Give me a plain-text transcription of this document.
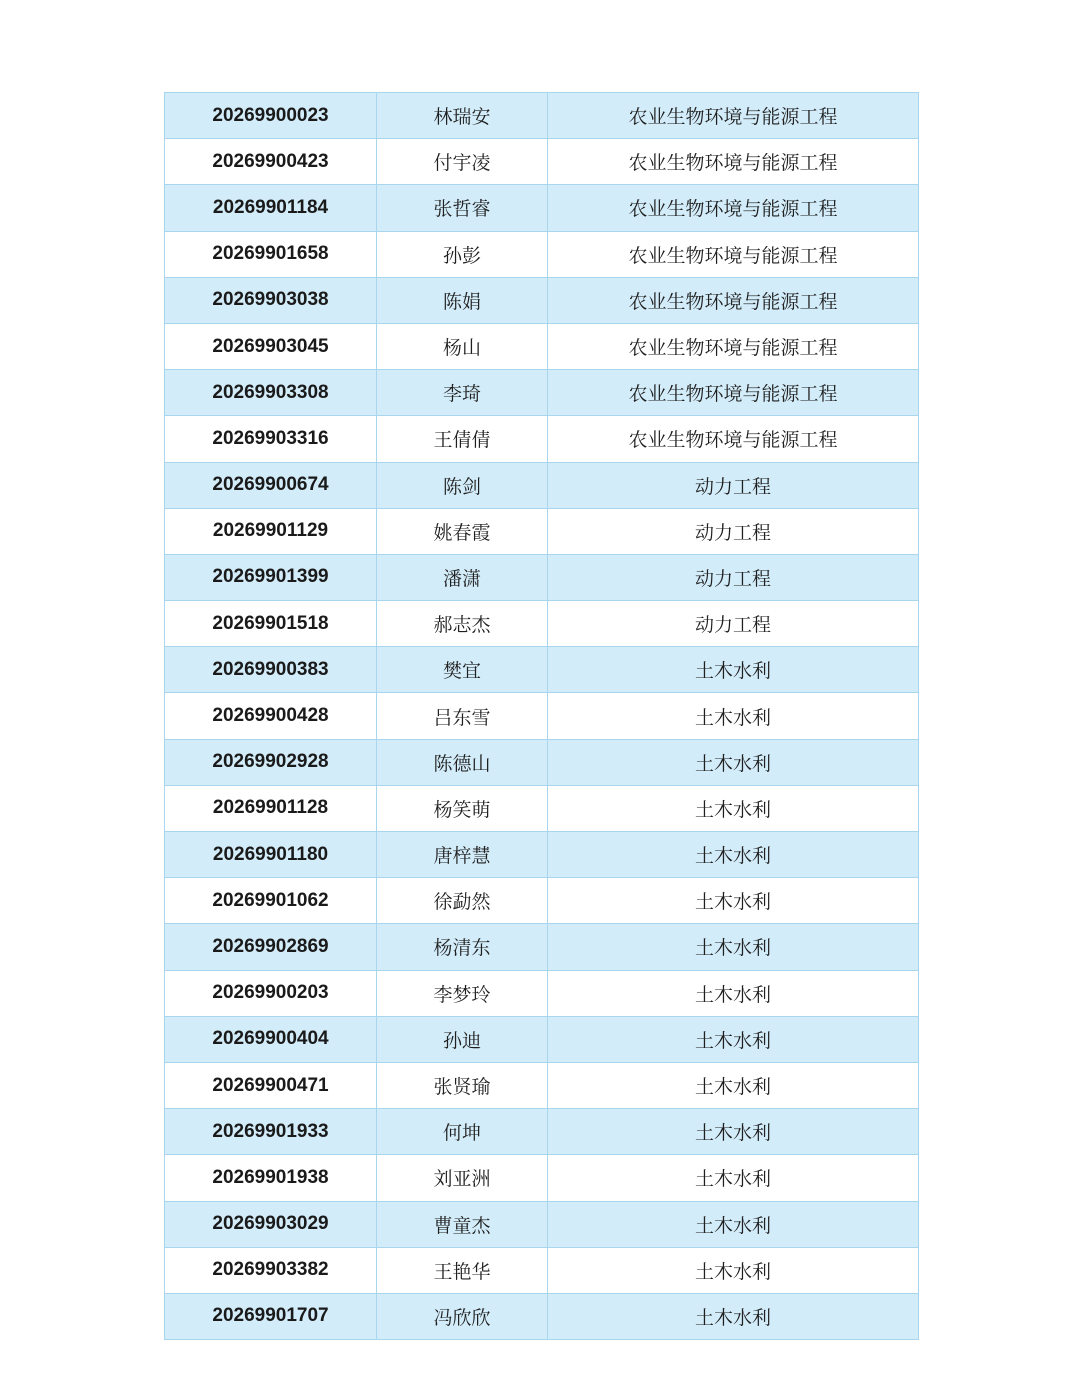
20269900023	林瑞安	农业生物环境与能源工程
20269900423	付宇凌	农业生物环境与能源工程
20269901184	张哲睿	农业生物环境与能源工程
20269901658	孙彭	农业生物环境与能源工程
20269903038	陈娟	农业生物环境与能源工程
20269903045	杨山	农业生物环境与能源工程
20269903308	李琦	农业生物环境与能源工程
20269903316	王倩倩	农业生物环境与能源工程
20269900674	陈剑	动力工程
20269901129	姚春霞	动力工程
20269901399	潘潇	动力工程
20269901518	郝志杰	动力工程
20269900383	樊宜	土木水利
20269900428	吕东雪	土木水利
20269902928	陈德山	土木水利
20269901128	杨笑萌	土木水利
20269901180	唐梓慧	土木水利
20269901062	徐勐然	土木水利
20269902869	杨清东	土木水利
20269900203	李梦玲	土木水利
20269900404	孙迪	土木水利
20269900471	张贤瑜	土木水利
20269901933	何坤	土木水利
20269901938	刘亚洲	土木水利
20269903029	曹童杰	土木水利
20269903382	王艳华	土木水利
20269901707	冯欣欣	土木水利
